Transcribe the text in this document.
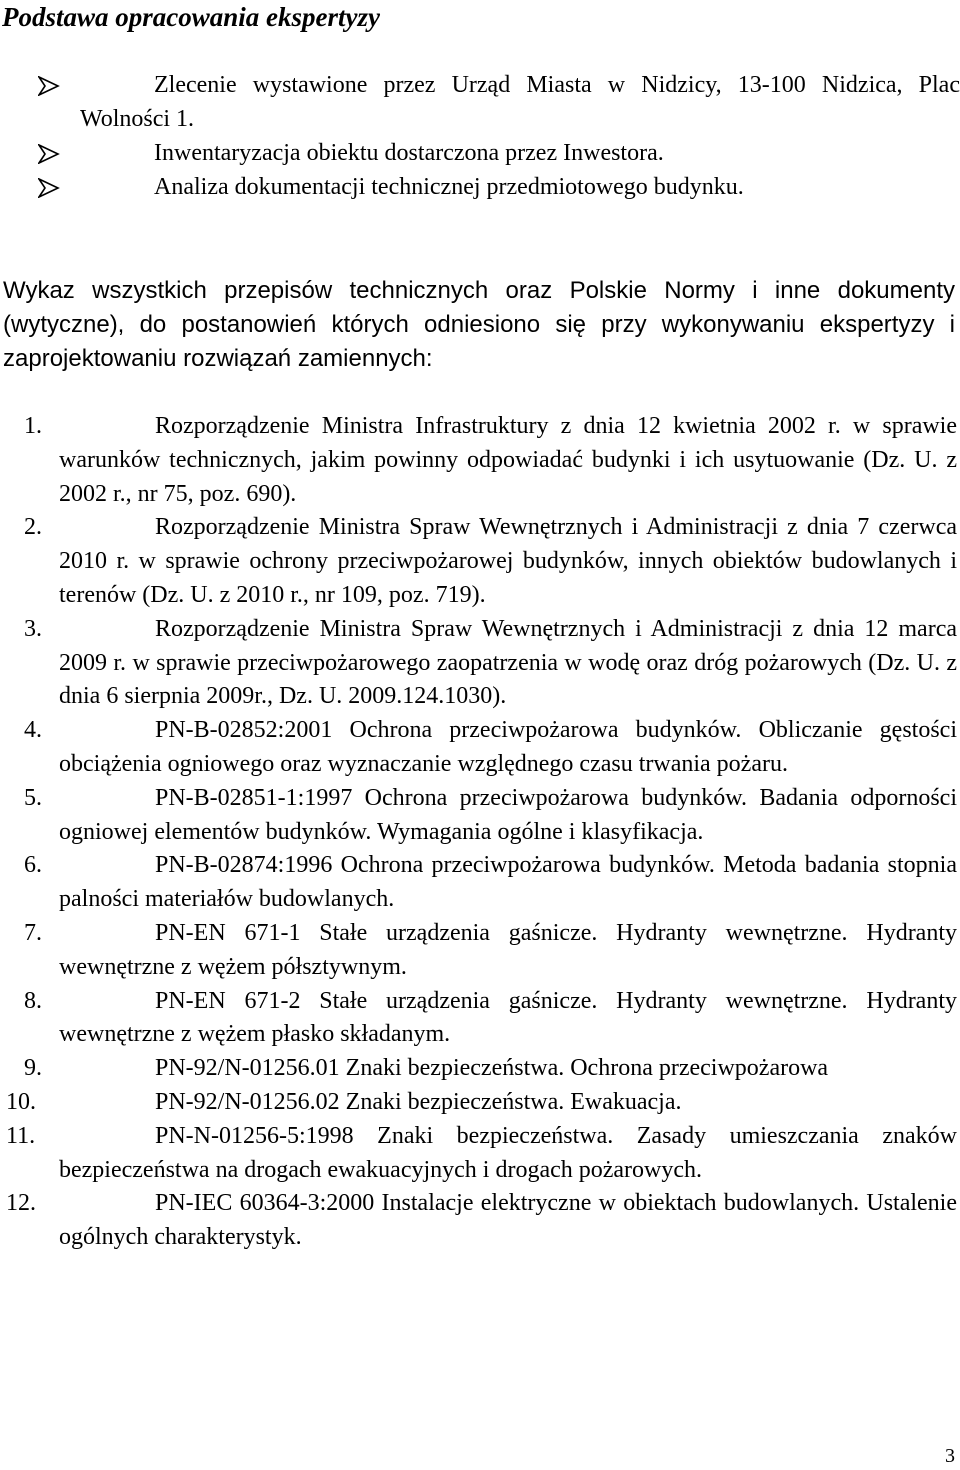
Podstawa opracowania ekspertyzy

Zlecenie wystawione przez Urząd Miasta w Nidzicy, 13-100 Nidzica, Plac Wolności 1.

Inwentaryzacja obiektu dostarczona przez Inwestora.

Analiza dokumentacji technicznej przedmiotowego budynku.

Wykaz wszystkich przepisów technicznych oraz Polskie Normy i inne dokumenty (wytyczne), do postanowień których odniesiono się przy wykonywaniu ekspertyzy i zaprojektowaniu rozwiązań zamiennych:

1.	Rozporządzenie Ministra Infrastruktury z dnia 12 kwietnia 2002 r. w sprawie warunków technicznych, jakim powinny odpowiadać budynki i ich usytuowanie (Dz. U. z 2002 r., nr 75, poz. 690).

2.	Rozporządzenie Ministra Spraw Wewnętrznych i Administracji z dnia 7 czerwca 2010 r. w sprawie ochrony przeciwpożarowej budynków, innych obiektów budowlanych i terenów (Dz. U. z 2010 r., nr 109, poz. 719).

3.	Rozporządzenie Ministra Spraw Wewnętrznych i Administracji z dnia 12 marca 2009 r. w sprawie przeciwpożarowego zaopatrzenia w wodę oraz dróg pożarowych (Dz. U. z dnia 6 sierpnia 2009r., Dz. U. 2009.124.1030).

4.	PN-B-02852:2001 Ochrona przeciwpożarowa budynków. Obliczanie gęstości obciążenia ogniowego oraz wyznaczanie względnego czasu trwania pożaru.

5.	PN-B-02851-1:1997 Ochrona przeciwpożarowa budynków. Badania odporności ogniowej elementów budynków. Wymagania ogólne i klasyfikacja.

6.	PN-B-02874:1996 Ochrona przeciwpożarowa budynków. Metoda badania stopnia palności materiałów budowlanych.

7.	PN-EN 671-1 Stałe urządzenia gaśnicze. Hydranty wewnętrzne. Hydranty wewnętrzne z wężem półsztywnym.

8.	PN-EN 671-2 Stałe urządzenia gaśnicze. Hydranty wewnętrzne. Hydranty wewnętrzne z wężem płasko składanym.

9.	PN-92/N-01256.01 Znaki bezpieczeństwa. Ochrona przeciwpożarowa

10.	PN-92/N-01256.02 Znaki bezpieczeństwa. Ewakuacja.

11.	PN-N-01256-5:1998 Znaki bezpieczeństwa. Zasady umieszczania znaków bezpieczeństwa na drogach ewakuacyjnych i drogach pożarowych.

12.	PN-IEC 60364-3:2000 Instalacje elektryczne w obiektach budowlanych. Ustalenie ogólnych charakterystyk.

3
